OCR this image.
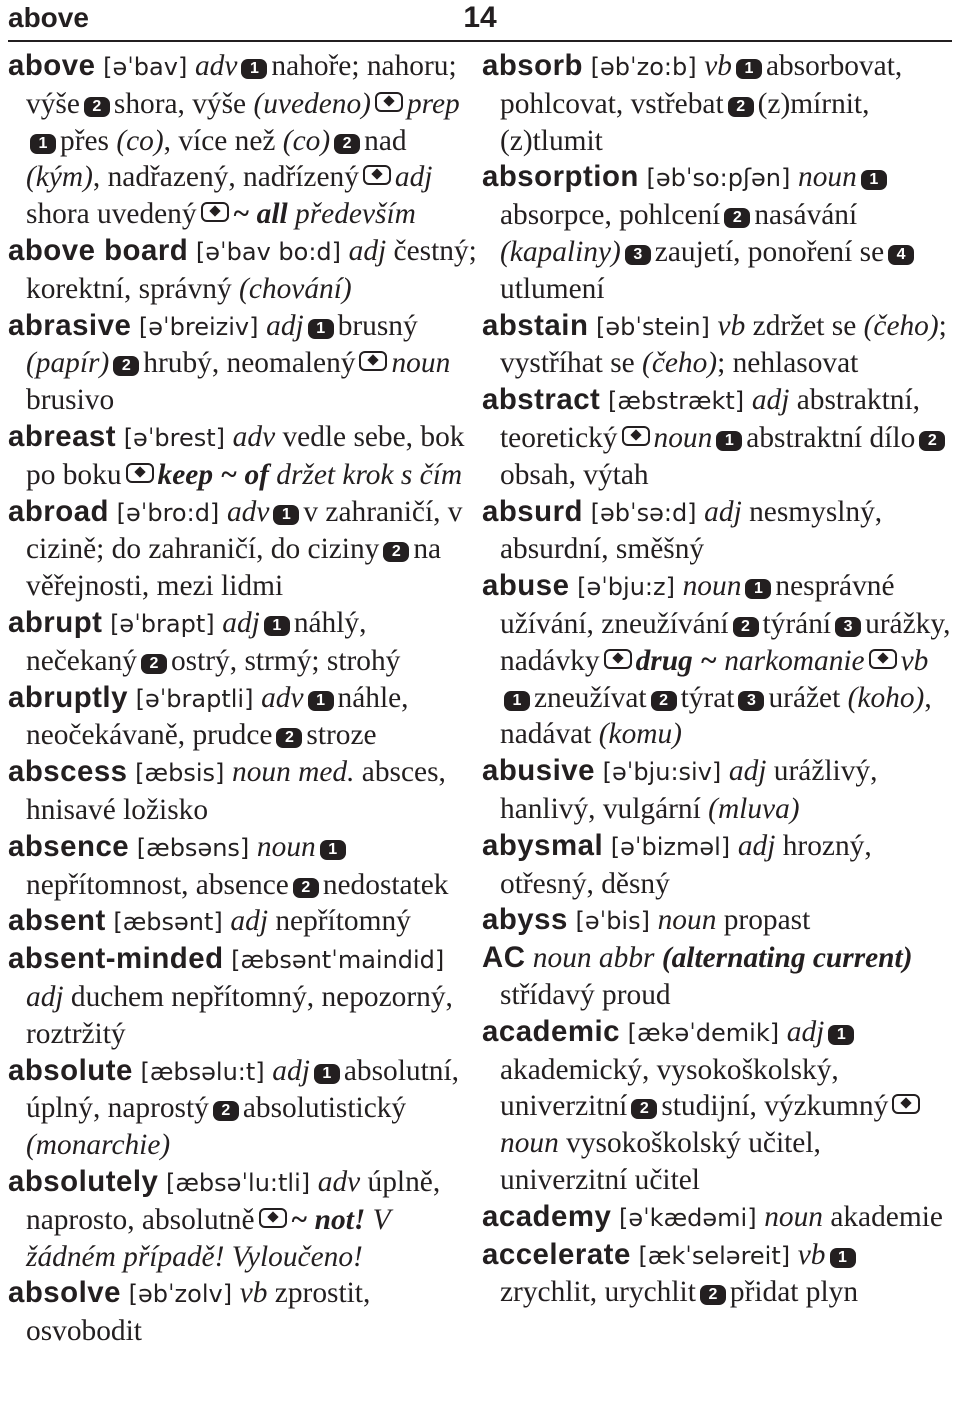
above	14

above [əˈbav] adv 1 nahoře; nahoru; výše 2 shora, výše (uvedeno) prep1 přes (co), více než (co) 2 nad (kým), nadřazený, nadřízený adj shora uvedený ~ all především

above board [əˈbav bo:d] adj čestný; korektní, správný (chování)

abrasive [əˈbreiziv] adj 1 brusný (papír) 2 hrubý, neomalený noun brusivo

abreast [əˈbrest] adv vedle sebe, bok po boku keep ~ of držet krok s čím

abroad [əˈbro:d] adv 1 v zahraničí, v cizině; do zahraničí, do ciziny 2 na věřejnosti, mezi lidmi

abrupt [əˈbrapt] adj 1 náhlý, nečekaný 2 ostrý, strmý; strohý

abruptly [əˈbraptli] adv 1 náhle, neočekávaně, prudce 2 stroze

abscess [æbsis] noun med. absces, hnisavé ložisko

absence [æbsəns] noun 1nepřítomnost, absence 2 nedostatek

absent [æbsənt] adj nepřítomný

absent-minded [æbsəntˈmaindid] adj duchem nepřítomný, nepozorný, roztržitý

absolute [æbsəlu:t] adj 1 absolutní, úplný, naprostý 2 absolutistický (monarchie)

absolutely [æbsəˈlu:tli] adv úplně, naprosto, absolutně ~ not! V žádném případě! Vyloučeno!

absolve [əbˈzolv] vb zprostit, osvobodit

absorb [əbˈzo:b] vb 1 absorbovat, pohlcovat, vstřebat 2 (z)mírnit, (z)tlumit

absorption [əbˈso:pʃən] noun 1absorpce, pohlcení 2 nasávání (kapaliny) 3 zaujetí, ponoření se 4utlumení

abstain [əbˈstein] vb zdržet se (čeho); vystříhat se (čeho); nehlasovat

abstract [æbstrækt] adj abstraktní, teoretický noun 1 abstraktní dílo 2obsah, výtah

absurd [əbˈsə:d] adj nesmyslný, absurdní, směšný

abuse [əˈbju:z] noun 1 nesprávné užívání, zneužívání 2 týrání 3 urážky, nadávky drug ~ narkomanie vb1 zneužívat 2 týrat 3 urážet (koho), nadávat (komu)

abusive [əˈbju:siv] adj urážlivý, hanlivý, vulgární (mluva)

abysmal [əˈbizməl] adj hrozný, otřesný, děsný

abyss [əˈbis] noun propast

AC noun abbr (alternating current) střídavý proud

academic [ækəˈdemik] adj 1akademický, vysokoškolský, univerzitní 2 studijní, výzkumnýnoun vysokoškolský učitel, univerzitní učitel

academy [əˈkædəmi] noun akademie

accelerate [ækˈseləreit] vb 1zrychlit, urychlit 2 přidat plyn
